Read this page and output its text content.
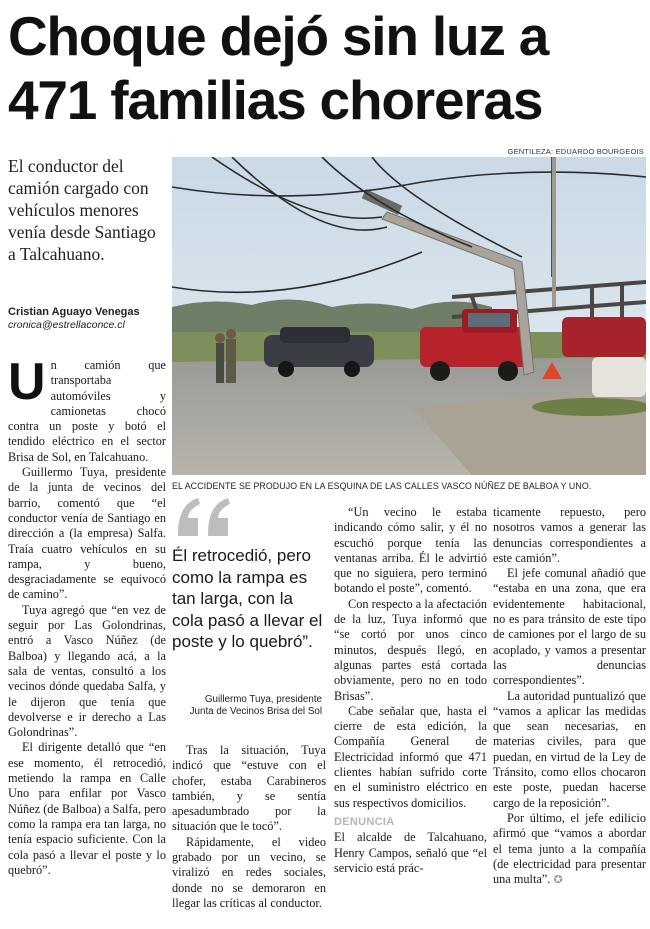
Choque dejó sin luz a
471 familias choreras
El conductor del camión cargado con vehículos menores venía desde Santiago a Talcahuano.
Cristian Aguayo Venegas
cronica@estrellaconce.cl
GENTILEZA: EDUARDO BOURGEOIS
EL ACCIDENTE SE PRODUJO EN LA ESQUINA DE LAS CALLES VASCO NÚÑEZ DE BALBOA Y UNO.

Un camión que transportaba automóviles y camionetas chocó contra un poste y botó el tendido eléctrico en el sector Brisa de Sol, en Talcahuano.

Guillermo Tuya, presidente de la junta de vecinos del barrio, comentó que “el conductor venía de Santiago en dirección a (la empresa) Salfa. Traía cuatro vehículos en su rampa, y bueno, desgraciadamente se equivocó de camino”.

Tuya agregó que “en vez de seguir por Las Golondrinas, entró a Vasco Núñez (de Balboa) y llegando acá, a la sala de ventas, consultó a los vecinos dónde quedaba Salfa, y le dijeron que tenía que devolverse e ir derecho a Las Golondrinas”.

El dirigente detalló que “en ese momento, él retrocedió, metiendo la rampa en Calle Uno para enfilar por Vasco Núñez (de Balboa) a Salfa, pero como la rampa era tan larga, no tenía espacio suficiente. Con la cola pasó a llevar el poste y lo quebró”.

Él retrocedió, pero como la rampa es tan larga, con la cola pasó a llevar el poste y lo quebró”.
Guillermo Tuya, presidente
Junta de Vecinos Brisa del Sol

Tras la situación, Tuya indicó que “estuve con el chofer, estaba Carabineros también, y se sentía apesadumbrado por la situación que le tocó”.

Rápidamente, el video grabado por un vecino, se viralizó en redes sociales, donde no se demoraron en llegar las críticas al conductor.

“Un vecino le estaba indicando cómo salir, y él no escuchó porque tenía las ventanas arriba. Él le advirtió que no siguiera, pero terminó botando el poste”, comentó.

Con respecto a la afectación de la luz, Tuya informó que “se cortó por unos cinco minutos, después llegó, en algunas partes está cortada obviamente, pero no en todo Brisas”.

Cabe señalar que, hasta el cierre de esta edición, la Compañía General de Electricidad informó que 471 clientes habían sufrido corte en el suministro eléctrico en sus respectivos domicilios.

DENUNCIA

El alcalde de Talcahuano, Henry Campos, señaló que “el servicio está prác-

ticamente repuesto, pero nosotros vamos a generar las denuncias correspondientes a este camión”.

El jefe comunal añadió que “estaba en una zona, que era evidentemente habitacional, no es para tránsito de este tipo de camiones por el largo de su acoplado, y vamos a presentar las denuncias correspondientes”.

La autoridad puntualizó que “vamos a aplicar las medidas que sean necesarias, en materias civiles, para que puedan, en virtud de la Ley de Tránsito, como ellos chocaron este poste, puedan hacerse cargo de la reposición”.

Por último, el jefe edilicio afirmó que “vamos a abordar el tema junto a la compañía (de electricidad para presentar una multa”. ✪
